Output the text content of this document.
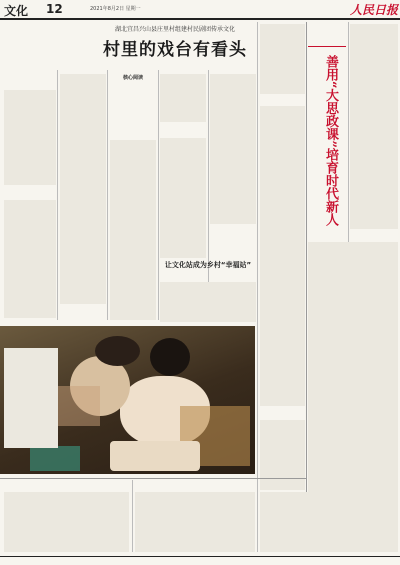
文化 12	2021年8月2日 星期一	人民日报
湖北宜昌兴山县庄里村组建村民剧团传承文化
村里的戏台有看头
核心阅读
让文化站成为乡村“幸福站”
善用“大思政课”培育时代新人
